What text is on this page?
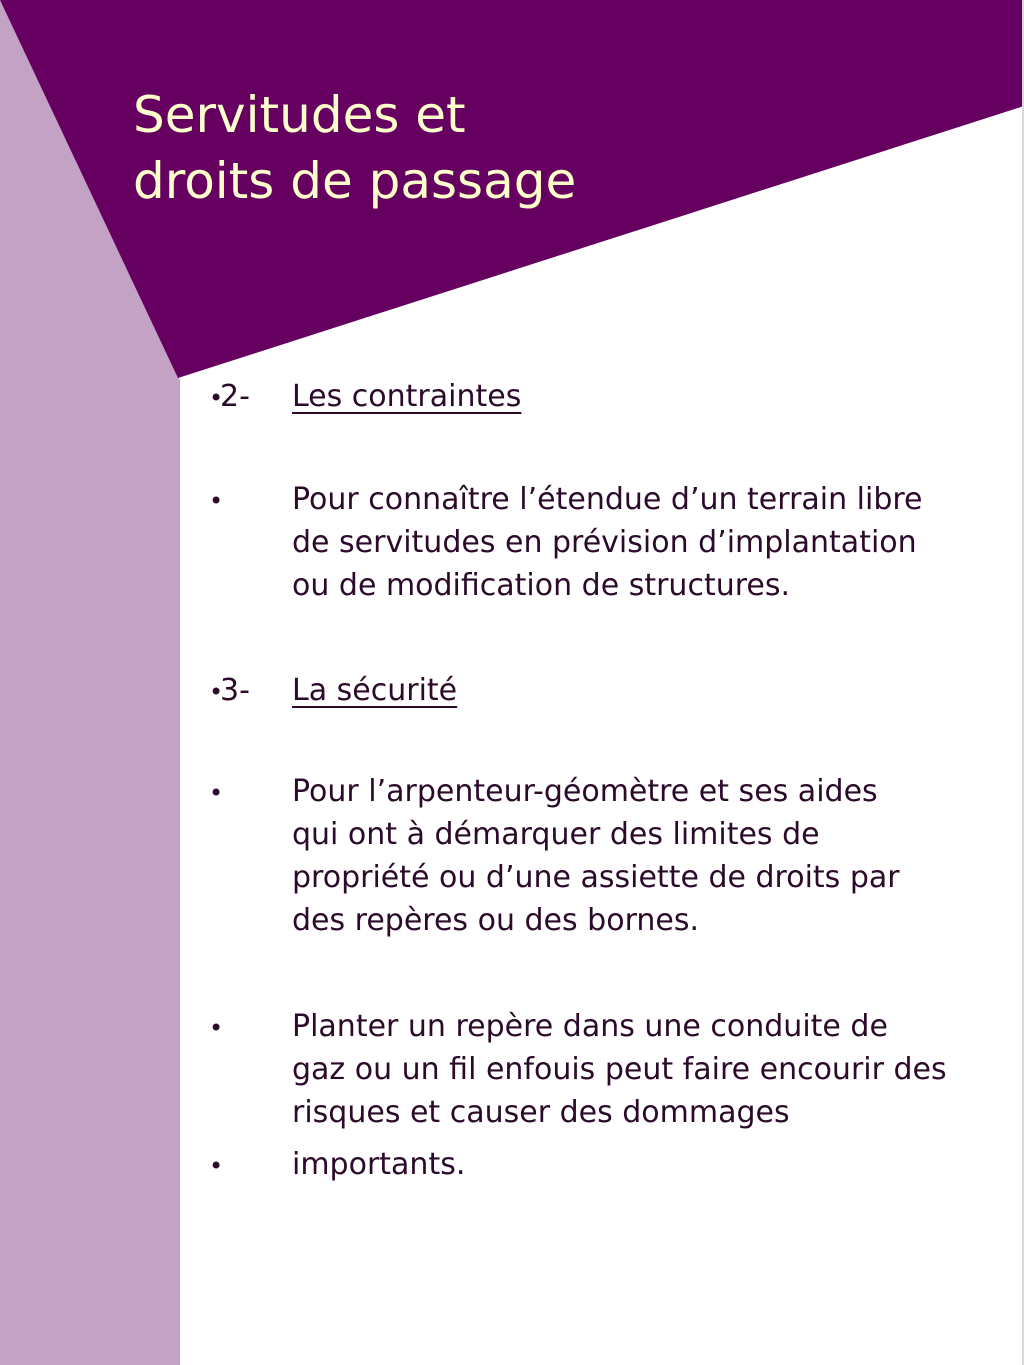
Servitudes et
droits de passage
•
2- Les contraintes
• Pour connaître l’étendue d’un terrain libre
de servitudes en prévision d’implantation
ou de modification de structures.
•
3- La sécurité
• Pour l’arpenteur-géomètre et ses aides
qui ont à démarquer des limites de
propriété ou d’une assiette de droits par
des repères ou des bornes.
• Planter un repère dans une conduite de
gaz ou un fil enfouis peut faire encourir des
risques et causer des dommages
• importants.
